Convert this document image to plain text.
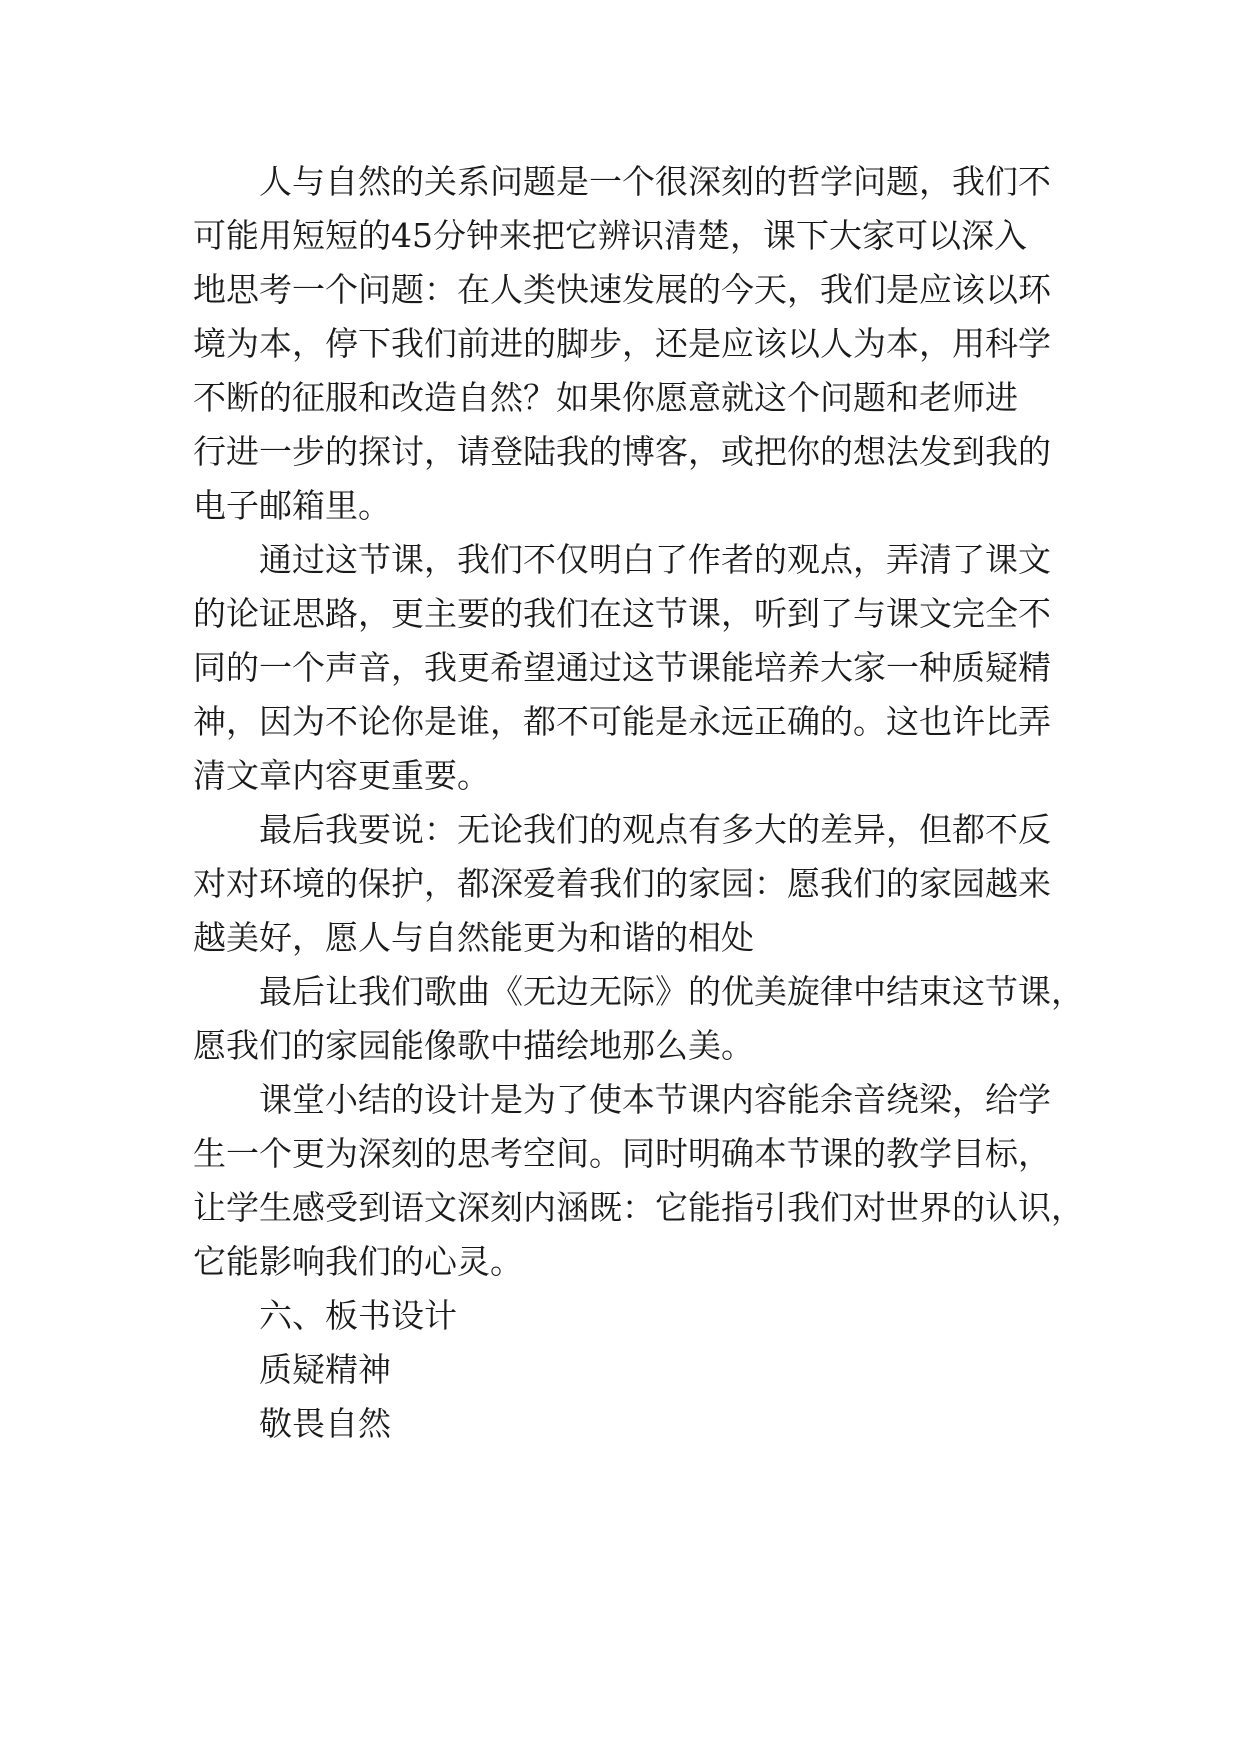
人与自然的关系问题是一个很深刻的哲学问题，我们不
可能用短短的45分钟来把它辨识清楚，课下大家可以深入
地思考一个问题：在人类快速发展的今天，我们是应该以环
境为本，停下我们前进的脚步，还是应该以人为本，用科学
不断的征服和改造自然？如果你愿意就这个问题和老师进
行进一步的探讨，请登陆我的博客，或把你的想法发到我的
电子邮箱里。
通过这节课，我们不仅明白了作者的观点，弄清了课文
的论证思路，更主要的我们在这节课，听到了与课文完全不
同的一个声音，我更希望通过这节课能培养大家一种质疑精
神，因为不论你是谁，都不可能是永远正确的。这也许比弄
清文章内容更重要。
最后我要说：无论我们的观点有多大的差异，但都不反
对对环境的保护，都深爱着我们的家园：愿我们的家园越来
越美好，愿人与自然能更为和谐的相处
最后让我们歌曲《无边无际》的优美旋律中结束这节课，
愿我们的家园能像歌中描绘地那么美。
课堂小结的设计是为了使本节课内容能余音绕梁，给学
生一个更为深刻的思考空间。同时明确本节课的教学目标，
让学生感受到语文深刻内涵既：它能指引我们对世界的认识，
它能影响我们的心灵。
六、板书设计
质疑精神
敬畏自然
